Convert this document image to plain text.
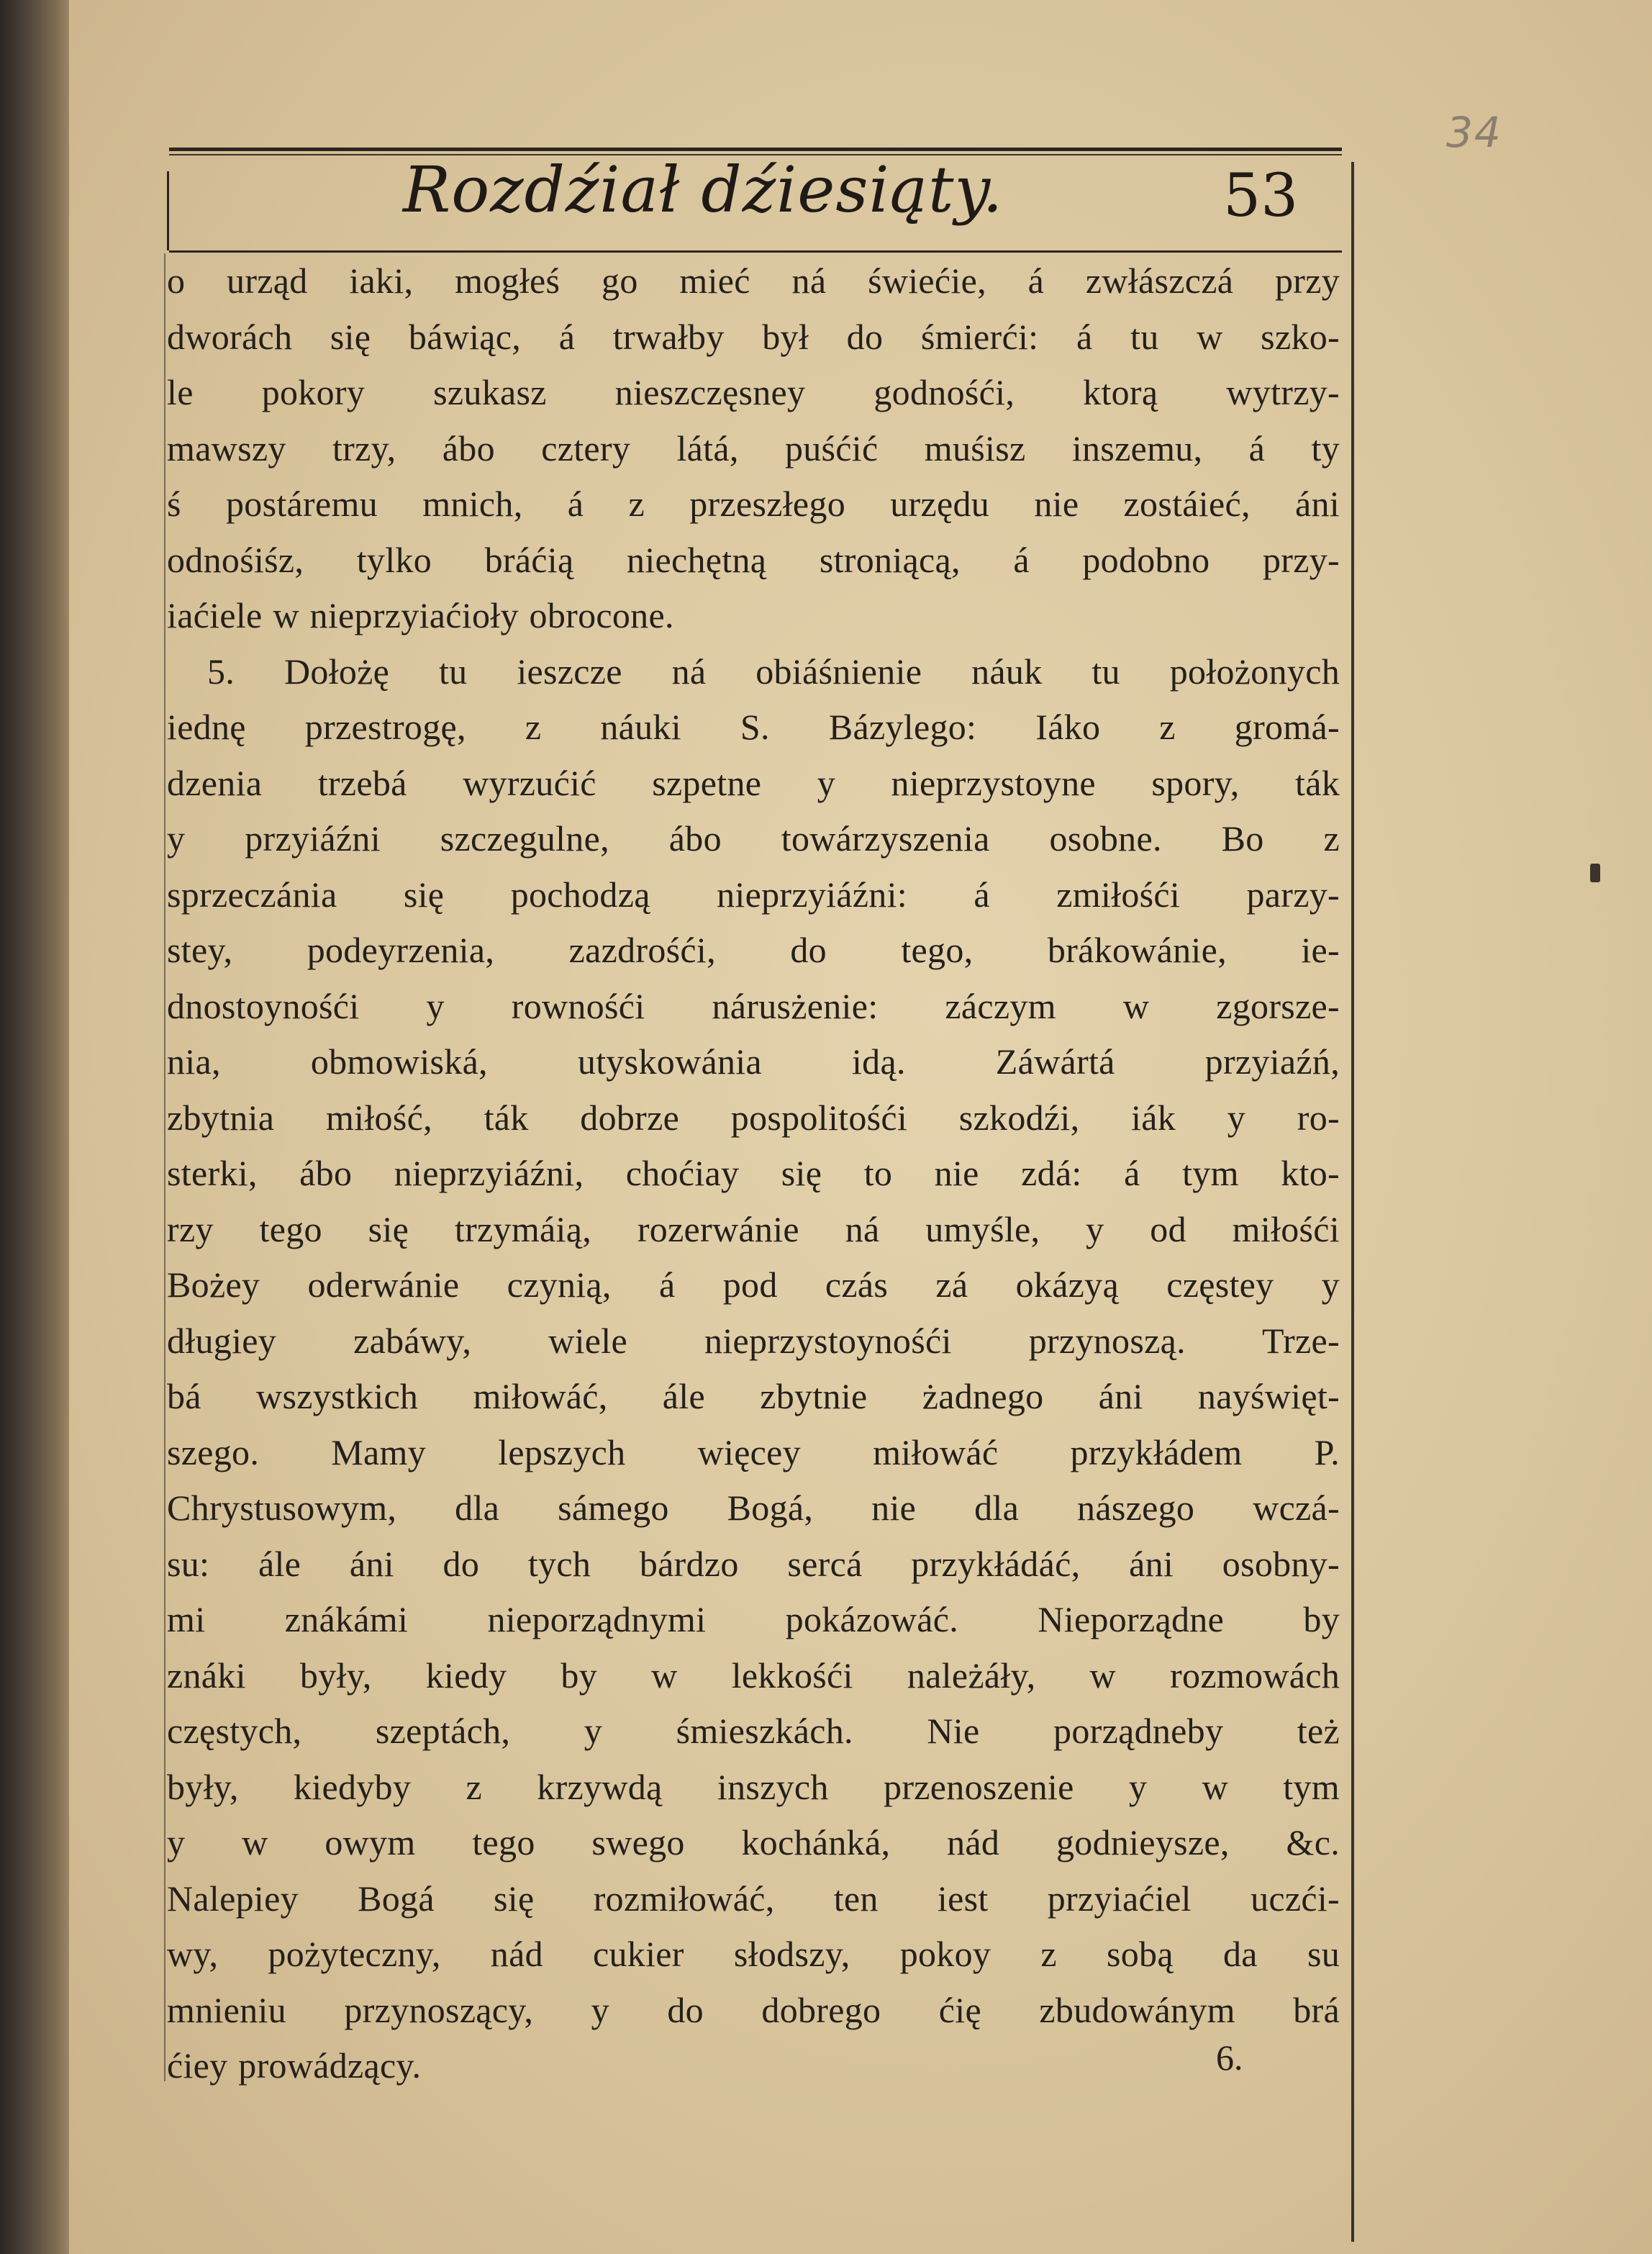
34
Rozdźiał dźiesiąty.	53
o urząd iaki, mogłeś go mieć ná świećie, á zwłászczá przy
dworách się báwiąc, á trwałby był do śmierći: á tu w szko-
le pokory szukasz nieszczęsney godnośći, ktorą wytrzy-
mawszy trzy, ábo cztery látá, puśćić muśisz inszemu, á ty
ś postáremu mnich, á z przeszłego urzędu nie zostáieć, áni
odnośiśz, tylko bráćią niechętną stroniącą, á podobno przy-
iaćiele w nieprzyiaćioły obrocone.
5. Dołożę tu ieszcze ná obiáśnienie náuk tu położonych
iednę przestrogę, z náuki S. Bázylego: Iáko z gromá-
dzenia trzebá wyrzućić szpetne y nieprzystoyne spory, ták
y przyiáźni szczegulne, ábo towárzyszenia osobne. Bo z
sprzeczánia się pochodzą nieprzyiáźni: á zmiłośći parzy-
stey, podeyrzenia, zazdrośći, do tego, brákowánie, ie-
dnostoynośći y rownośći nárusżenie: záczym w zgorsze-
nia, obmowiská, utyskowánia idą. Záwártá przyiaźń,
zbytnia miłość, ták dobrze pospolitośći szkodźi, iák y ro-
sterki, ábo nieprzyiáźni, choćiay się to nie zdá: á tym kto-
rzy tego się trzymáią, rozerwánie ná umyśle, y od miłośći
Bożey oderwánie czynią, á pod czás zá okázyą częstey y
długiey zabáwy, wiele nieprzystoynośći przynoszą. Trze-
bá wszystkich miłowáć, ále zbytnie żadnego áni nayświęt-
szego. Mamy lepszych więcey miłowáć przykłádem P.
Chrystusowym, dla sámego Bogá, nie dla nászego wczá-
su: ále áni do tych bárdzo sercá przykłádáć, áni osobny-
mi znákámi nieporządnymi pokázowáć. Nieporządne by
znáki były, kiedy by w lekkośći należáły, w rozmowách
częstych, szeptách, y śmieszkách. Nie porządneby też
były, kiedyby z krzywdą inszych przenoszenie y w tym
y w owym tego swego kochánká, nád godnieysze, &c.
Nalepiey Bogá się rozmiłowáć, ten iest przyiaćiel uczći-
wy, pożyteczny, nád cukier słodszy, pokoy z sobą da su
mnieniu przynoszący, y do dobrego ćię zbudowánym brá
ćiey prowádzący.	6.
